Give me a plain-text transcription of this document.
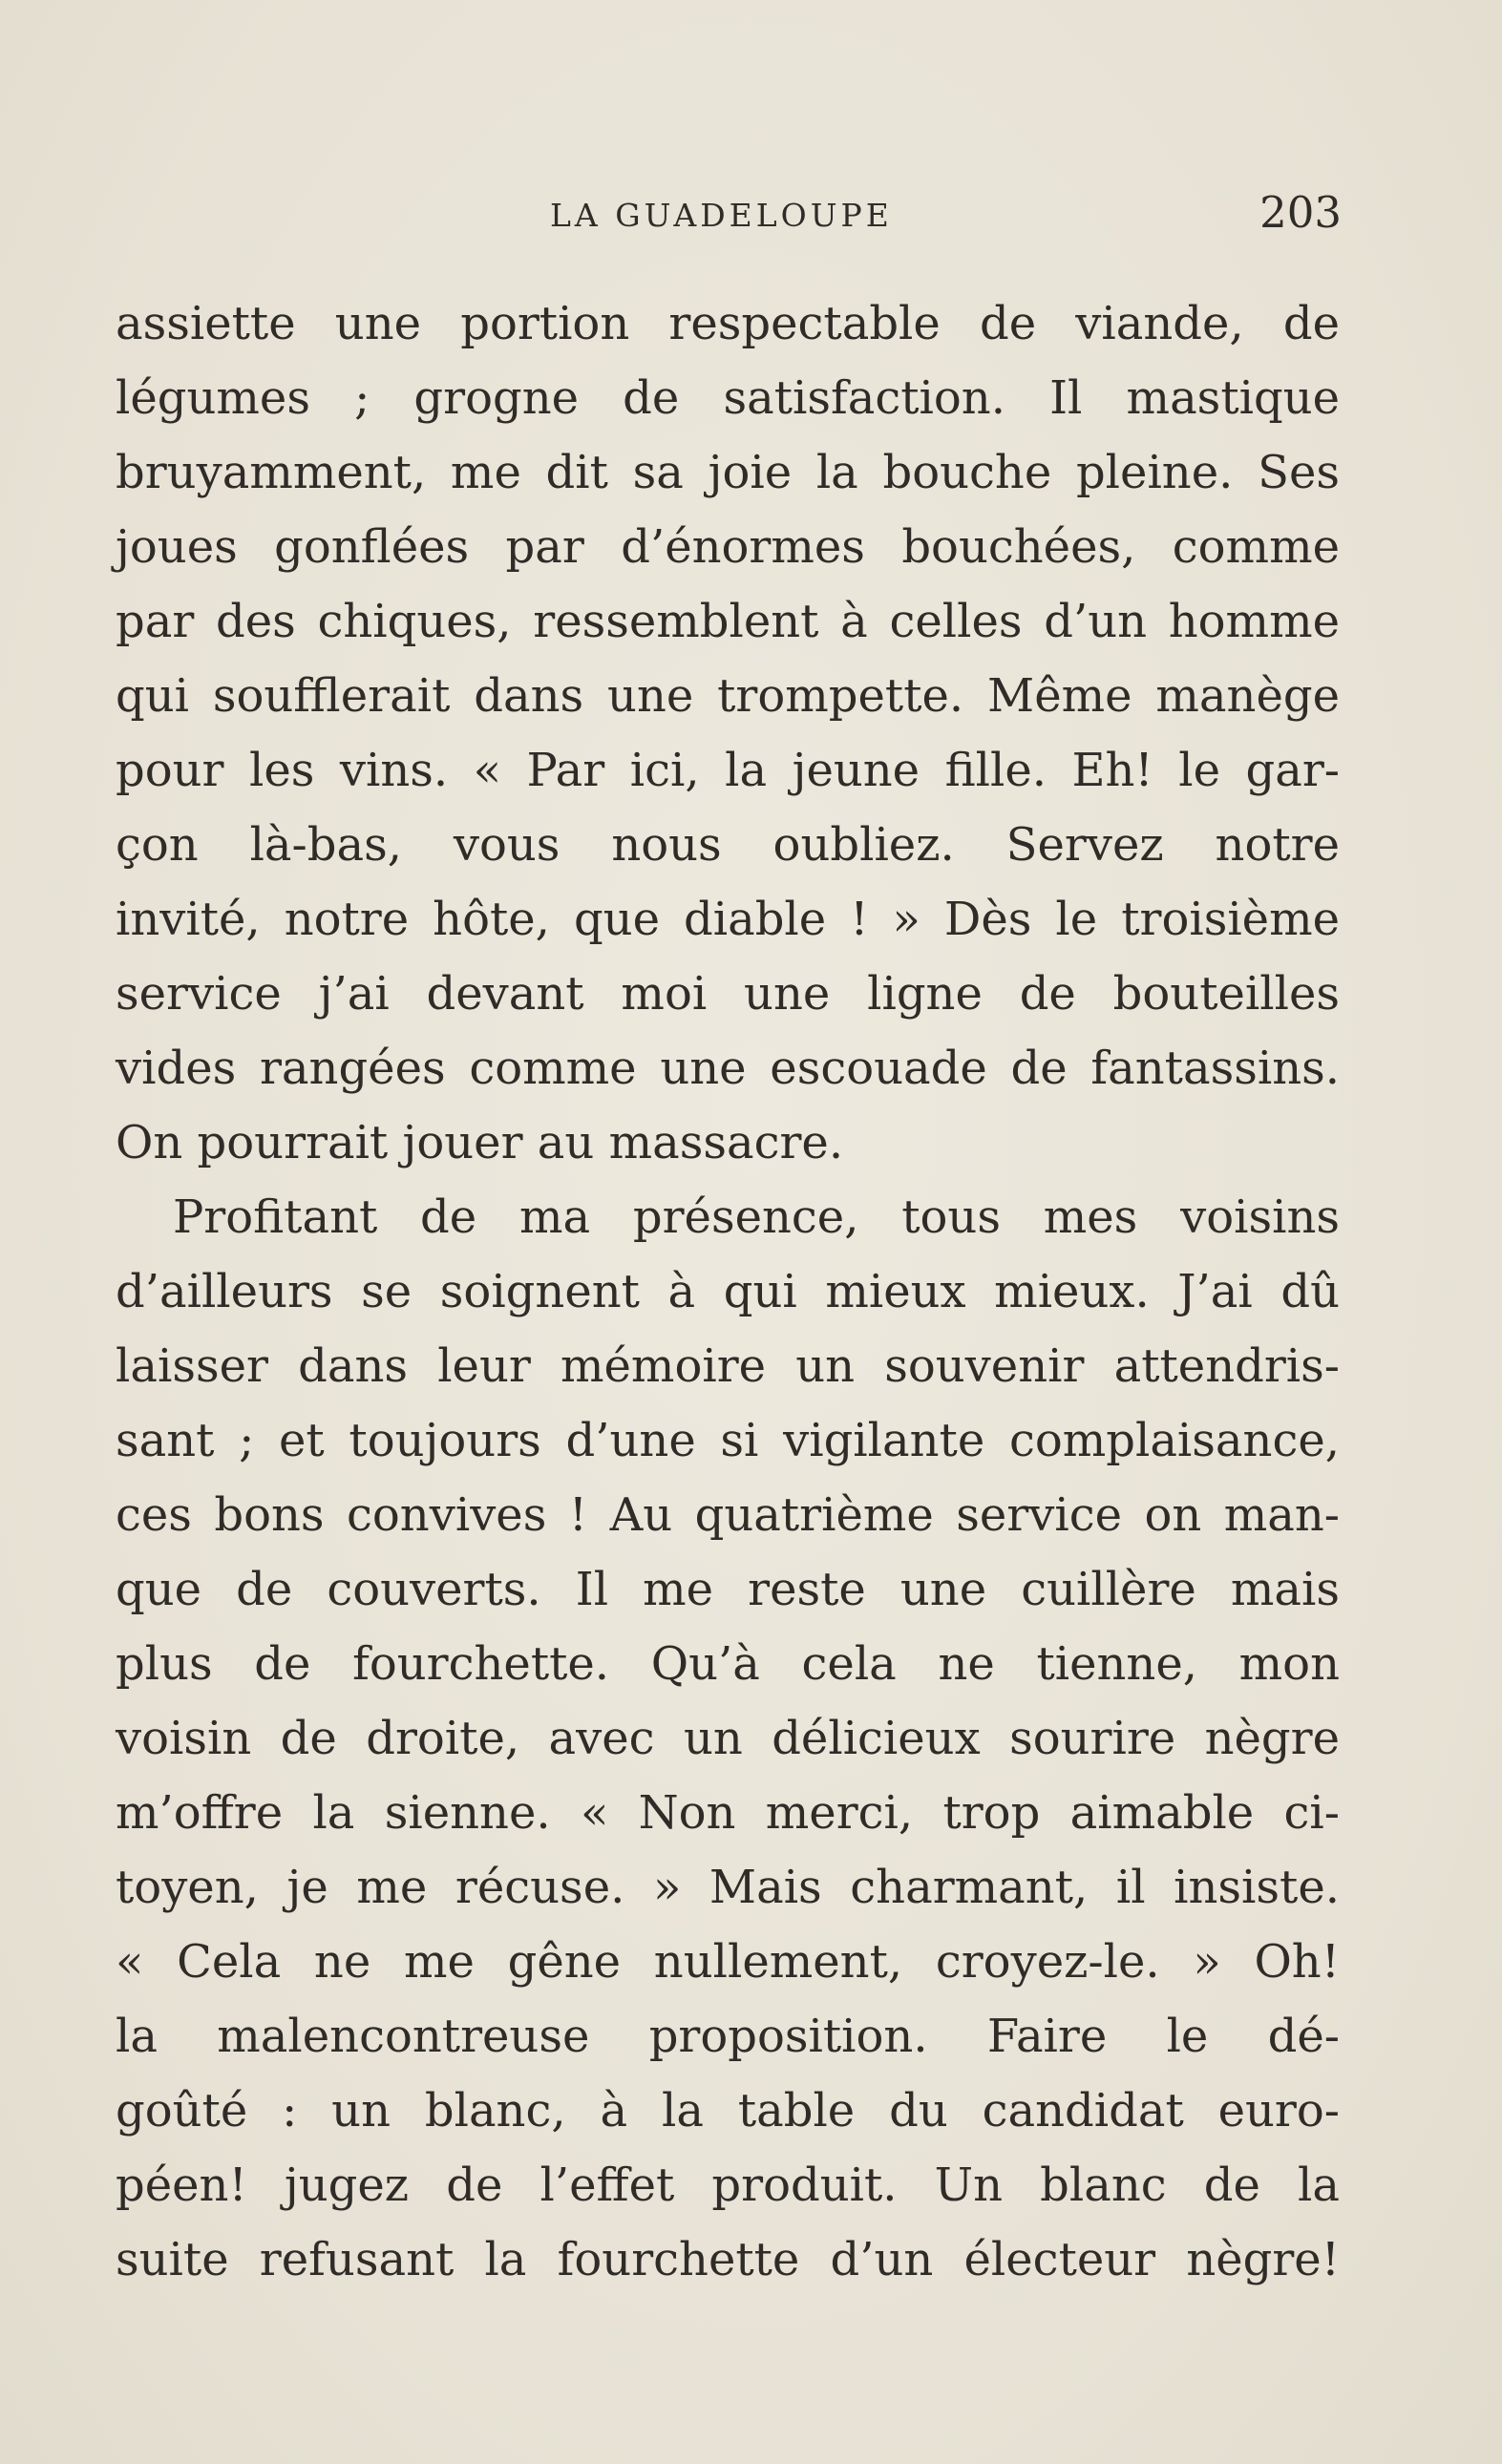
LA GUADELOUPE	203
assiette une portion respectable de viande, de
légumes ; grogne de satisfaction. Il mastique
bruyamment, me dit sa joie la bouche pleine. Ses
joues gonflées par d’énormes bouchées, comme
par des chiques, ressemblent à celles d’un homme
qui soufflerait dans une trompette. Même manège
pour les vins. « Par ici, la jeune fille. Eh! le gar-
çon là-bas, vous nous oubliez. Servez notre
invité, notre hôte, que diable ! » Dès le troisième
service j’ai devant moi une ligne de bouteilles
vides rangées comme une escouade de fantassins.
On pourrait jouer au massacre.
Profitant de ma présence, tous mes voisins
d’ailleurs se soignent à qui mieux mieux. J’ai dû
laisser dans leur mémoire un souvenir attendris-
sant ; et toujours d’une si vigilante complaisance,
ces bons convives ! Au quatrième service on man-
que de couverts. Il me reste une cuillère mais
plus de fourchette. Qu’à cela ne tienne, mon
voisin de droite, avec un délicieux sourire nègre
m’offre la sienne. « Non merci, trop aimable ci-
toyen, je me récuse. » Mais charmant, il insiste.
« Cela ne me gêne nullement, croyez-le. » Oh!
la malencontreuse proposition. Faire le dé-
goûté : un blanc, à la table du candidat euro-
péen! jugez de l’effet produit. Un blanc de la
suite refusant la fourchette d’un électeur nègre!
